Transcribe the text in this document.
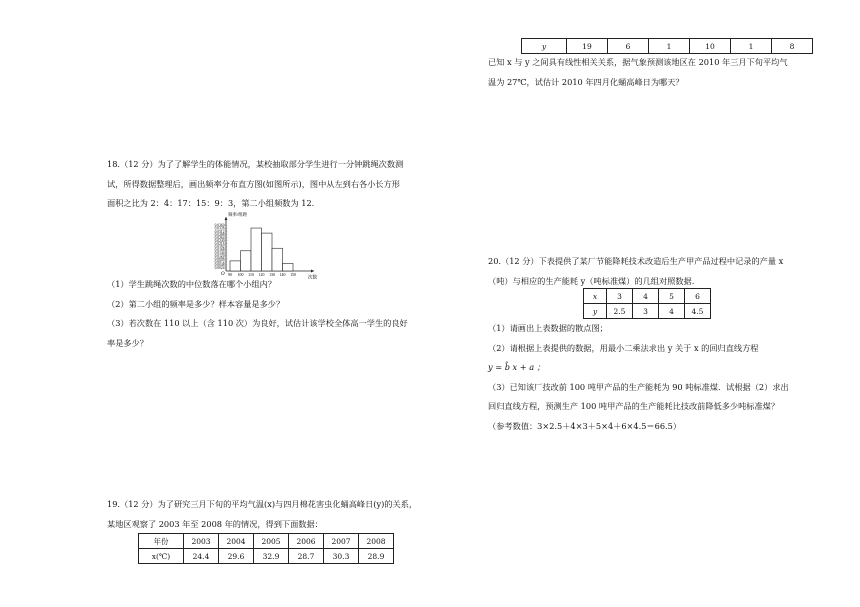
y	19	6	1	10	1	8

已知 x 与 y 之间具有线性相关关系，据气象预测该地区在 2010 年三月下旬平均气

温为 27℃，试估计 2010 年四月化蛹高峰日为哪天？

18.（12 分）为了了解学生的体能情况，某校抽取部分学生进行一分钟跳绳次数测

试，所得数据整理后，画出频率分布直方图(如图所示)，图中从左到右各小长方形

面积之比为 2：4：17：15：9：3，第二小组频数为 12.

0.0360
0.0336
0.0312
0.0288
0.0264
0.0240
0.0216
0.0192
0.0168
0.0144
0.0120
0.0096
0.0072
0.0048
0.0024
频率/组距
次数
O 90 100 110 120 130 140 150

（1）学生跳绳次数的中位数落在哪个小组内？

（2）第二小组的频率是多少？样本容量是多少？

（3）若次数在 110 以上（含 110 次）为良好，试估计该学校全体高一学生的良好

率是多少？

19.（12 分）为了研究三月下旬的平均气温(x)与四月棉花害虫化蛹高峰日(y)的关系，

某地区观察了 2003 年至 2008 年的情况，得到下面数据：

年份	2003	2004	2005	2006	2007	2008
x(℃)	24.4	29.6	32.9	28.7	30.3	28.9

20.（12 分）下表提供了某厂节能降耗技术改造后生产甲产品过程中记录的产量 x

（吨）与相应的生产能耗 y（吨标准煤）的几组对照数据.

x	3	4	5	6
y	2.5	3	4	4.5

（1）请画出上表数据的散点图；

（2）请根据上表提供的数据，用最小二乘法求出 y 关于 x 的回归直线方程

y = b̂ x + a ；

（3）已知该厂技改前 100 吨甲产品的生产能耗为 90 吨标准煤．试根据（2）求出

回归直线方程，预测生产 100 吨甲产品的生产能耗比技改前降低多少吨标准煤？

（参考数值：3×2.5＋4×3＋5×4＋6×4.5＝66.5）
